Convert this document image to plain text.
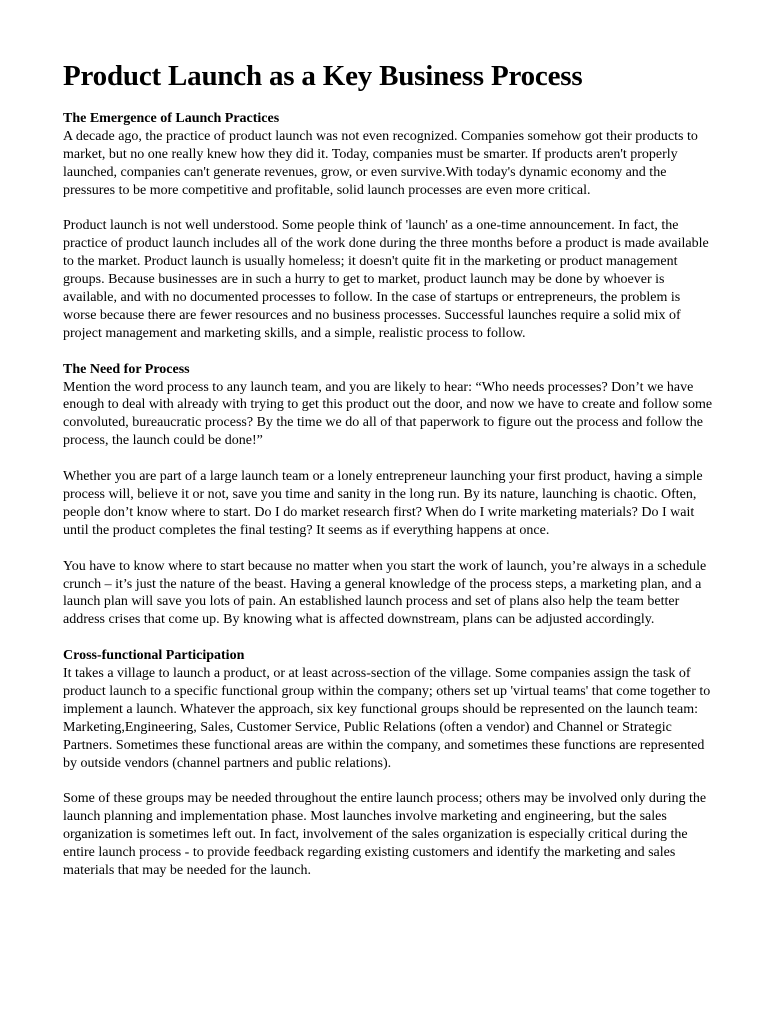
Product Launch as a Key Business Process
The Emergence of Launch Practices

A decade ago, the practice of product launch was not even recognized. Companies somehow got their products to market, but no one really knew how they did it. Today, companies must be smarter. If products aren't properly launched, companies can't generate revenues, grow, or even survive.With today's dynamic economy and the pressures to be more competitive and profitable, solid launch processes are even more critical.

Product launch is not well understood. Some people think of 'launch' as a one-time announcement. In fact, the practice of product launch includes all of the work done during the three months before a product is made available to the market. Product launch is usually homeless; it doesn't quite fit in the marketing or product management groups. Because businesses are in such a hurry to get to market, product launch may be done by whoever is available, and with no documented processes to follow. In the case of startups or entrepreneurs, the problem is worse because there are fewer resources and no business processes. Successful launches require a solid mix of project management and marketing skills, and a simple, realistic process to follow.

The Need for Process

Mention the word process to any launch team, and you are likely to hear: “Who needs processes? Don’t we have enough to deal with already with trying to get this product out the door, and now we have to create and follow some convoluted, bureaucratic process? By the time we do all of that paperwork to figure out the process and follow the process, the launch could be done!”

Whether you are part of a large launch team or a lonely entrepreneur launching your first product, having a simple process will, believe it or not, save you time and sanity in the long run. By its nature, launching is chaotic. Often, people don’t know where to start. Do I do market research first? When do I write marketing materials? Do I wait until the product completes the final testing? It seems as if everything happens at once.

You have to know where to start because no matter when you start the work of launch, you’re always in a schedule crunch – it’s just the nature of the beast. Having a general knowledge of the process steps, a marketing plan, and a launch plan will save you lots of pain. An established launch process and set of plans also help the team better address crises that come up. By knowing what is affected downstream, plans can be adjusted accordingly.

Cross-functional Participation

It takes a village to launch a product, or at least across-section of the village. Some companies assign the task of product launch to a specific functional group within the company; others set up 'virtual teams' that come together to implement a launch. Whatever the approach, six key functional groups should be represented on the launch team: Marketing,Engineering, Sales, Customer Service, Public Relations (often a vendor) and Channel or Strategic Partners. Sometimes these functional areas are within the company, and sometimes these functions are represented by outside vendors (channel partners and public relations).

Some of these groups may be needed throughout the entire launch process; others may be involved only during the launch planning and implementation phase. Most launches involve marketing and engineering, but the sales organization is sometimes left out. In fact, involvement of the sales organization is especially critical during the entire launch process - to provide feedback regarding existing customers and identify the marketing and sales materials that may be needed for the launch.
